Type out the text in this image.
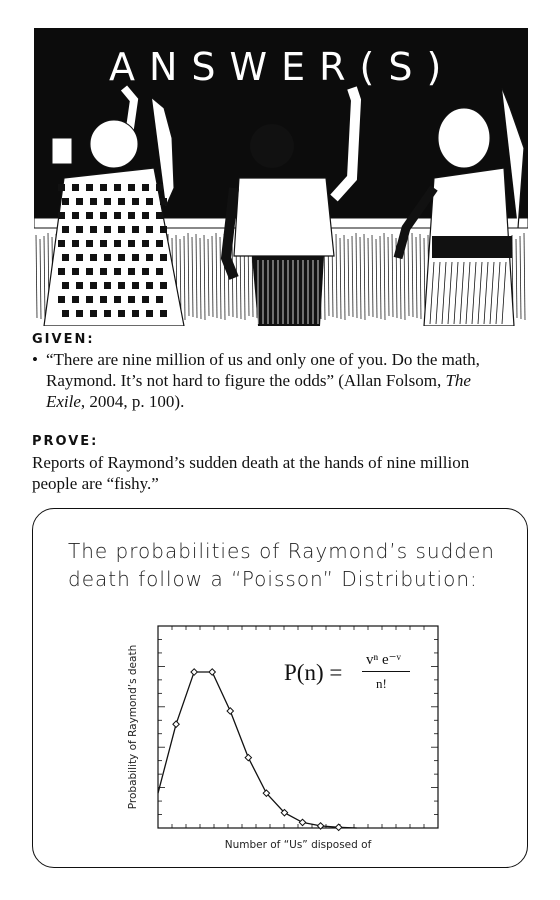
ANSWER(S)
GIVEN:
• “There are nine million of us and only one of you. Do the math,
Raymond. It’s not hard to figure the odds” (Allan Folsom, The
Exile, 2004, p. 100).
PROVE:
Reports of Raymond’s sudden death at the hands of nine million
people are “fishy.”
The probabilities of Raymond’s sudden
death follow a “Poisson” Distribution:
Number of “Us” disposed of
Probability of Raymond’s death	P(n) = vⁿ e⁻ᵛ
n!
